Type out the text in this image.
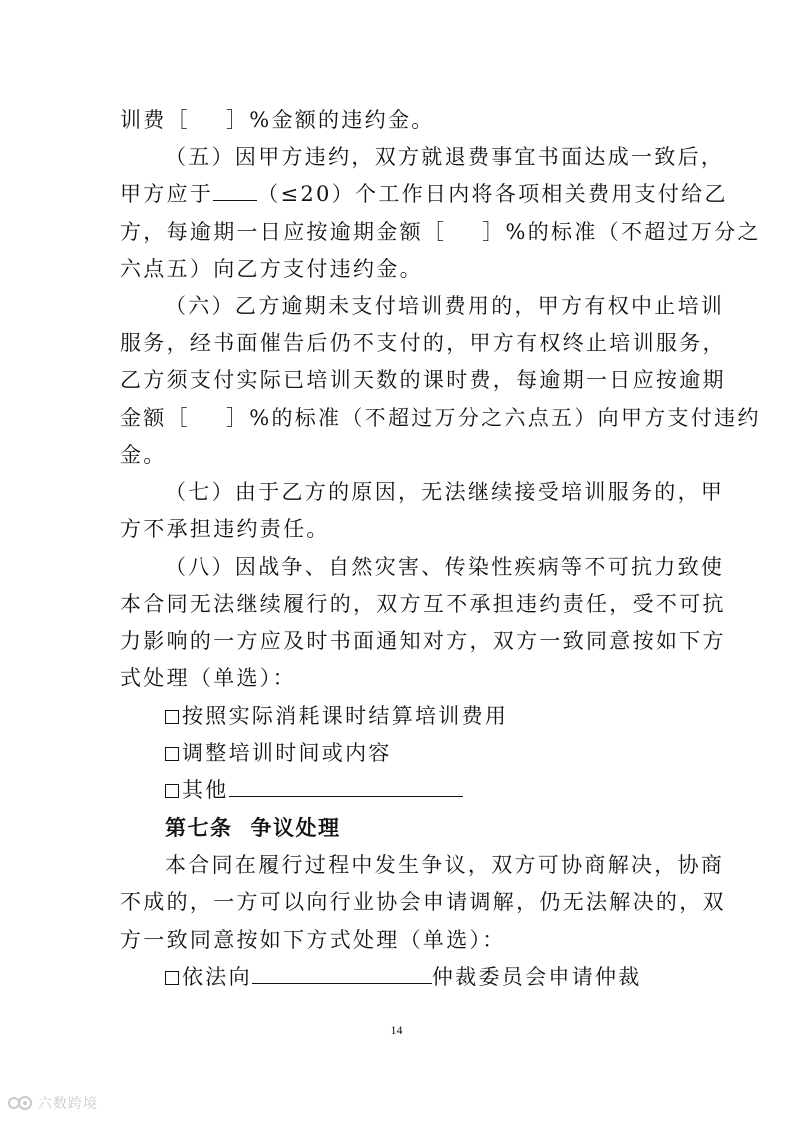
训费［ ］%金额的违约金。
（五）因甲方违约，双方就退费事宜书面达成一致后，
甲方应于 （≤20）个工作日内将各项相关费用支付给乙
方，每逾期一日应按逾期金额［ ］%的标准（不超过万分之
六点五）向乙方支付违约金。
（六）乙方逾期未支付培训费用的，甲方有权中止培训
服务，经书面催告后仍不支付的，甲方有权终止培训服务，
乙方须支付实际已培训天数的课时费，每逾期一日应按逾期
金额［ ］%的标准（不超过万分之六点五）向甲方支付违约
金。
（七）由于乙方的原因，无法继续接受培训服务的，甲
方不承担违约责任。
（八）因战争、自然灾害、传染性疾病等不可抗力致使
本合同无法继续履行的，双方互不承担违约责任，受不可抗
力影响的一方应及时书面通知对方，双方一致同意按如下方
式处理（单选）：
按照实际消耗课时结算培训费用
调整培训时间或内容
其他
第七条 争议处理
本合同在履行过程中发生争议，双方可协商解决，协商
不成的，一方可以向行业协会申请调解，仍无法解决的，双
方一致同意按如下方式处理（单选）：
依法向	仲裁委员会申请仲裁
14
六数跨境
